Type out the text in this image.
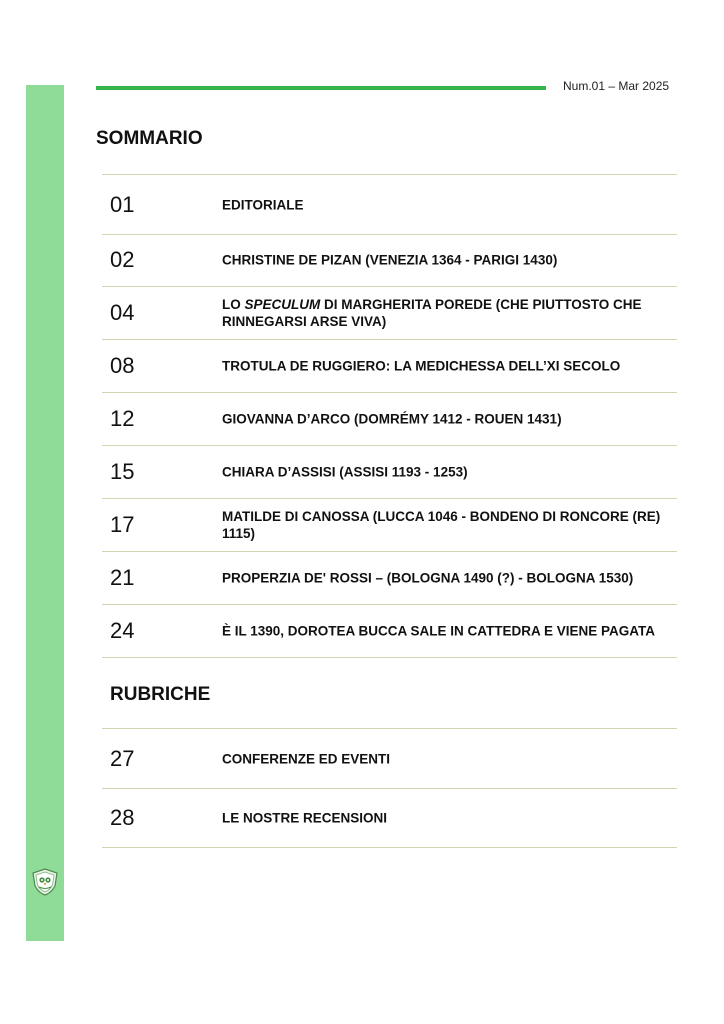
Num.01 – Mar 2025
SOMMARIO
01	EDITORIALE
02	CHRISTINE DE PIZAN (VENEZIA 1364 - PARIGI 1430)
04	LO SPECULUM DI MARGHERITA POREDE (CHE PIUTTOSTO CHE RINNEGARSI ARSE VIVA)
08	TROTULA DE RUGGIERO: LA MEDICHESSA DELL’XI SECOLO
12	GIOVANNA D’ARCO (DOMRÉMY 1412 - ROUEN 1431)
15	CHIARA D’ASSISI (ASSISI 1193 - 1253)
17	MATILDE DI CANOSSA (LUCCA 1046 - BONDENO DI RONCORE (RE) 1115)
21	PROPERZIA DE' ROSSI – (BOLOGNA 1490 (?) - BOLOGNA 1530)
24	È IL 1390, DOROTEA BUCCA SALE IN CATTEDRA E VIENE PAGATA
RUBRICHE
27	CONFERENZE ED EVENTI
28	LE NOSTRE RECENSIONI
